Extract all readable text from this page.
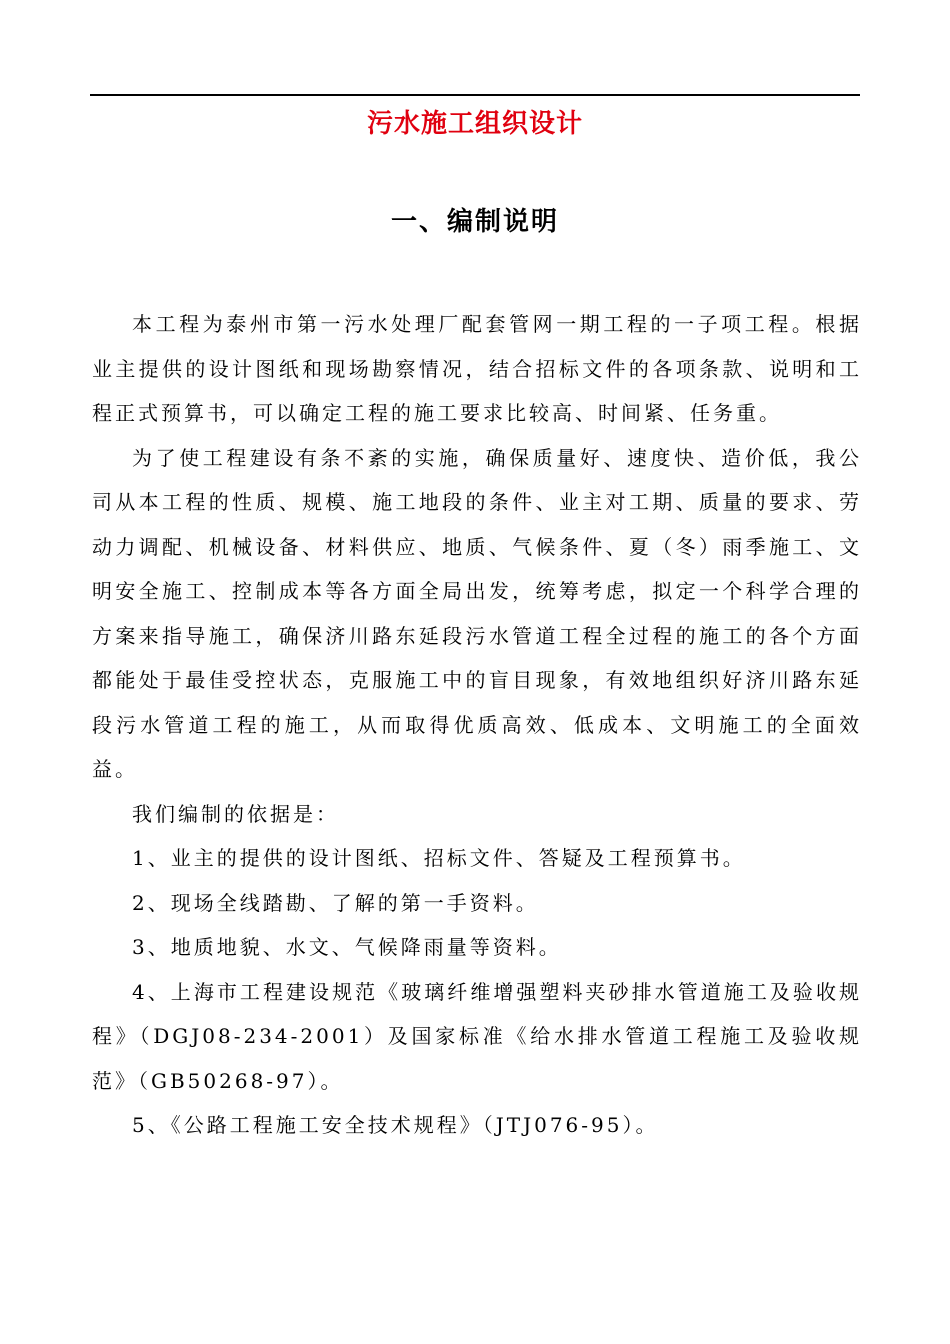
污水施工组织设计
一、编制说明

本工程为泰州市第一污水处理厂配套管网一期工程的一子项工程。根据业主提供的设计图纸和现场勘察情况，结合招标文件的各项条款、说明和工程正式预算书，可以确定工程的施工要求比较高、时间紧、任务重。

为了使工程建设有条不紊的实施，确保质量好、速度快、造价低，我公司从本工程的性质、规模、施工地段的条件、业主对工期、质量的要求、劳动力调配、机械设备、材料供应、地质、气候条件、夏（冬）雨季施工、文明安全施工、控制成本等各方面全局出发，统筹考虑，拟定一个科学合理的方案来指导施工，确保济川路东延段污水管道工程全过程的施工的各个方面都能处于最佳受控状态，克服施工中的盲目现象，有效地组织好济川路东延段污水管道工程的施工，从而取得优质高效、低成本、文明施工的全面效益。

我们编制的依据是：

1、业主的提供的设计图纸、招标文件、答疑及工程预算书。

2、现场全线踏勘、了解的第一手资料。

3、地质地貌、水文、气候降雨量等资料。

4、上海市工程建设规范《玻璃纤维增强塑料夹砂排水管道施工及验收规程》（DGJ08-234-2001）及国家标准《给水排水管道工程施工及验收规范》（GB50268-97）。

5、《公路工程施工安全技术规程》（JTJ076-95）。
